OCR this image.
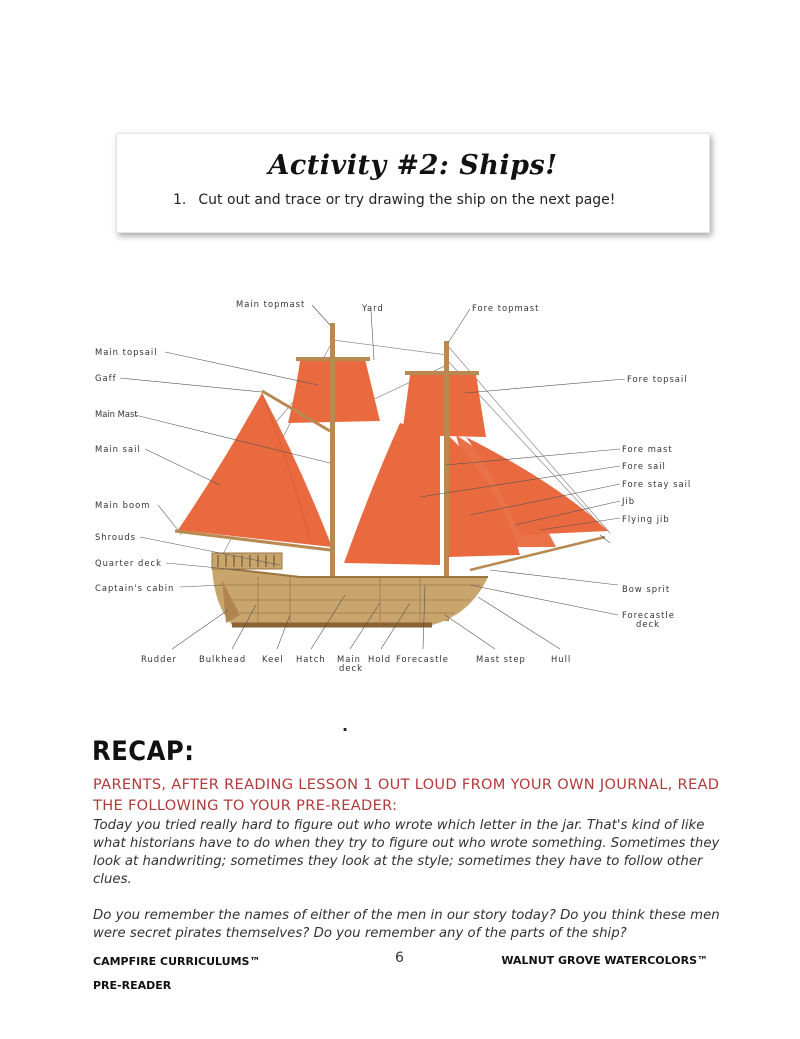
Activity #2: Ships!
1. Cut out and trace or try drawing the ship on the next page!
Main topmast	Yard	Fore topmast
Main topsail
Gaff	Fore topsail
Main Mast
Main sail	Fore mast
Fore sail
Fore stay sail
Jib
Main boom
Flying jib
Shrouds
Quarter deck
Captain's cabin	Bow sprit
Forecastle
deck
Rudder	Bulkhead Keel Hatch Main
deck
Hold Forecastle	Mast step	Hull
.
RECAP:
PARENTS, AFTER READING LESSON 1 OUT LOUD FROM YOUR OWN JOURNAL, READ THE FOLLOWING TO YOUR PRE-READER:

Today you tried really hard to figure out who wrote which letter in the jar. That's kind of like what historians have to do when they try to figure out who wrote something. Sometimes they look at handwriting; sometimes they look at the style; sometimes they have to follow other clues.

Do you remember the names of either of the men in our story today? Do you think these men were secret pirates themselves? Do you remember any of the parts of the ship?

CAMPFIRE CURRICULUMS™
PRE-READER
6	WALNUT GROVE WATERCOLORS™
